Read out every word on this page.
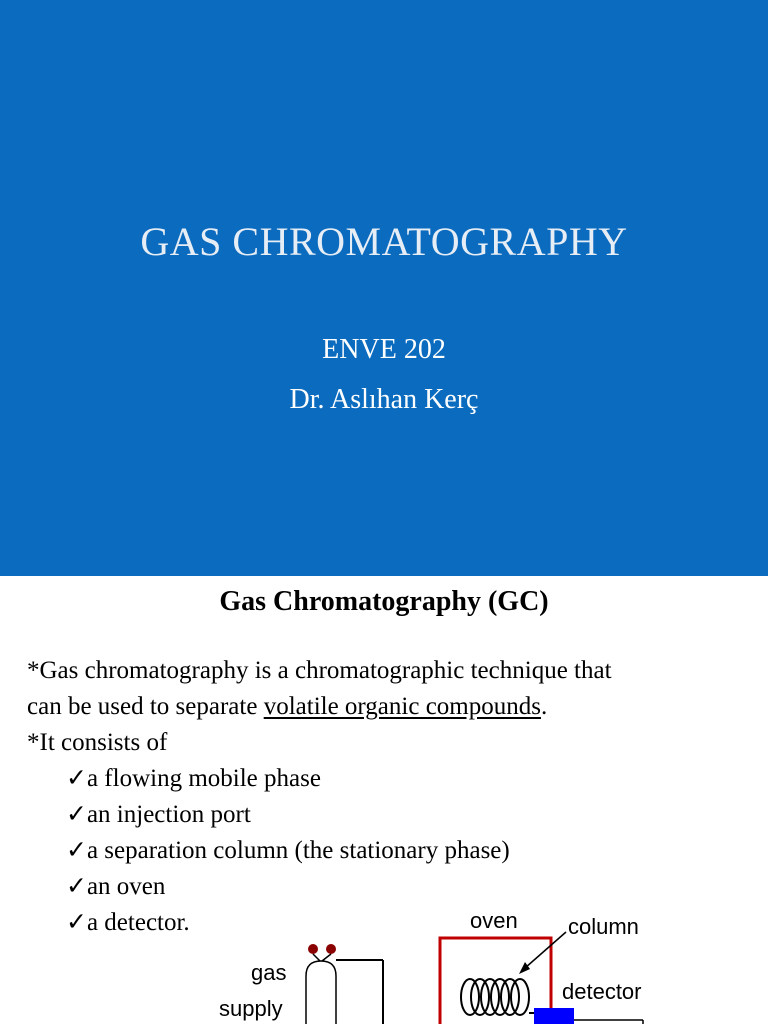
GAS CHROMATOGRAPHY
ENVE 202
Dr. Aslıhan Kerç
Gas Chromatography (GC)
*Gas chromatography is a chromatographic technique that
can be used to separate volatile organic compounds.
*It consists of
✓a flowing mobile phase
✓an injection port
✓a separation column (the stationary phase)
✓an oven
✓a detector.
gas
supply
oven column
detector
